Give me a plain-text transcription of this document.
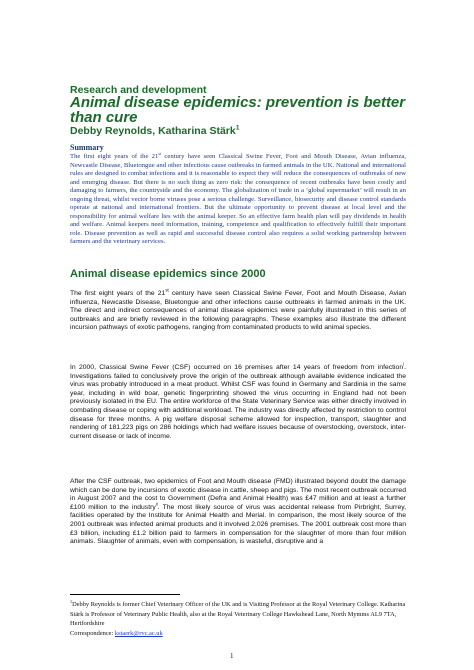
Research and development
Animal disease epidemics: prevention is better than cure
Debby Reynolds, Katharina Stärk$^1$
Summary
The first eight years of the 21st century have seen Classical Swine Fever, Foot and Mouth Disease, Avian influenza, Newcastle Disease, Bluetongue and other infectious cause outbreaks in farmed animals in the UK. National and international rules are designed to combat infections and it is reasonable to expect they will reduce the consequences of outbreaks of new and emerging disease. But there is no such thing as zero risk: the consequence of recent outbreaks have been costly and damaging to farmers, the countryside and the economy. The globalization of trade in a ‘global supermarket’ will result in an ongoing threat, whilst vector borne viruses pose a serious challenge. Surveillance, biosecurity and disease control standards operate at national and international frontiers. But the ultimate opportunity to prevent disease at local level and the responsibility for animal welfare lies with the animal keeper. So an effective farm health plan will pay dividends in health and welfare. Animal keepers need information, training, competence and qualification to effectively fulfill their important role. Disease prevention as well as rapid and successful disease control also requires a solid working partnership between farmers and the veterinary services.
Animal disease epidemics since 2000
The first eight years of the 21st century have seen Classical Swine Fever, Foot and Mouth Disease, Avian influenza, Newcastle Disease, Bluetongue and other infections cause outbreaks in farmed animals in the UK. The direct and indirect consequences of animal disease epidemics were painfully illustrated in this series of outbreaks and are briefly reviewed in the following paragraphs. These examples also illustrate the different incursion pathways of exotic pathogens, ranging from contaminated products to wild animal species.
In 2000, Classical Swine Fever (CSF) occurred on 16 premises after 14 years of freedom from infection$^i$. Investigations failed to conclusively prove the origin of the outbreak although available evidence indicated the virus was probably introduced in a meat product. Whilst CSF was found in Germany and Sardinia in the same year, including in wild boar, genetic fingerprinting showed the virus occurring in England had not been previously isolated in the EU. The entire workforce of the State Veterinary Service was either directly involved in combating disease or coping with additional workload. The industry was directly affected by restriction to control disease for three months. A pig welfare disposal scheme allowed for inspection, transport, slaughter and rendering of 181,223 pigs on 286 holdings which had welfare issues because of overstocking, overstock, inter-current disease or lack of income.
After the CSF outbreak, two epidemics of Foot and Mouth disease (FMD) illustrated beyond doubt the damage which can be done by incursions of exotic disease in cattle, sheep and pigs. The most recent outbreak occurred in August 2007 and the cost to Government (Defra and Animal Health) was £47 million and at least a further £100 million to the industry$^{ii}$. The most likely source of virus was accidental release from Pirbright, Surrey, facilities operated by the Institute for Animal Health and Merial. In comparison, the most likely source of the 2001 outbreak was infected animal products and it involved 2,026 premises. The 2001 outbreak cost more than £3 billion, including £1.2 billion paid to farmers in compensation for the slaughter of more than four million animals. Slaughter of animals, even with compensation, is wasteful, disruptive and a
$^1$Debby Reynolds is former Chief Veterinary Officer of the UK and is Visiting Professor at the Royal Veterinary College. Katharina Stärk is Professor of Veterinary Public Health, also at the Royal Veterinary College Hawkshead Lane, North Mymms AL9 7TA, Hertfordshire
Correspondence: kstaerk@rvc.ac.uk
1
